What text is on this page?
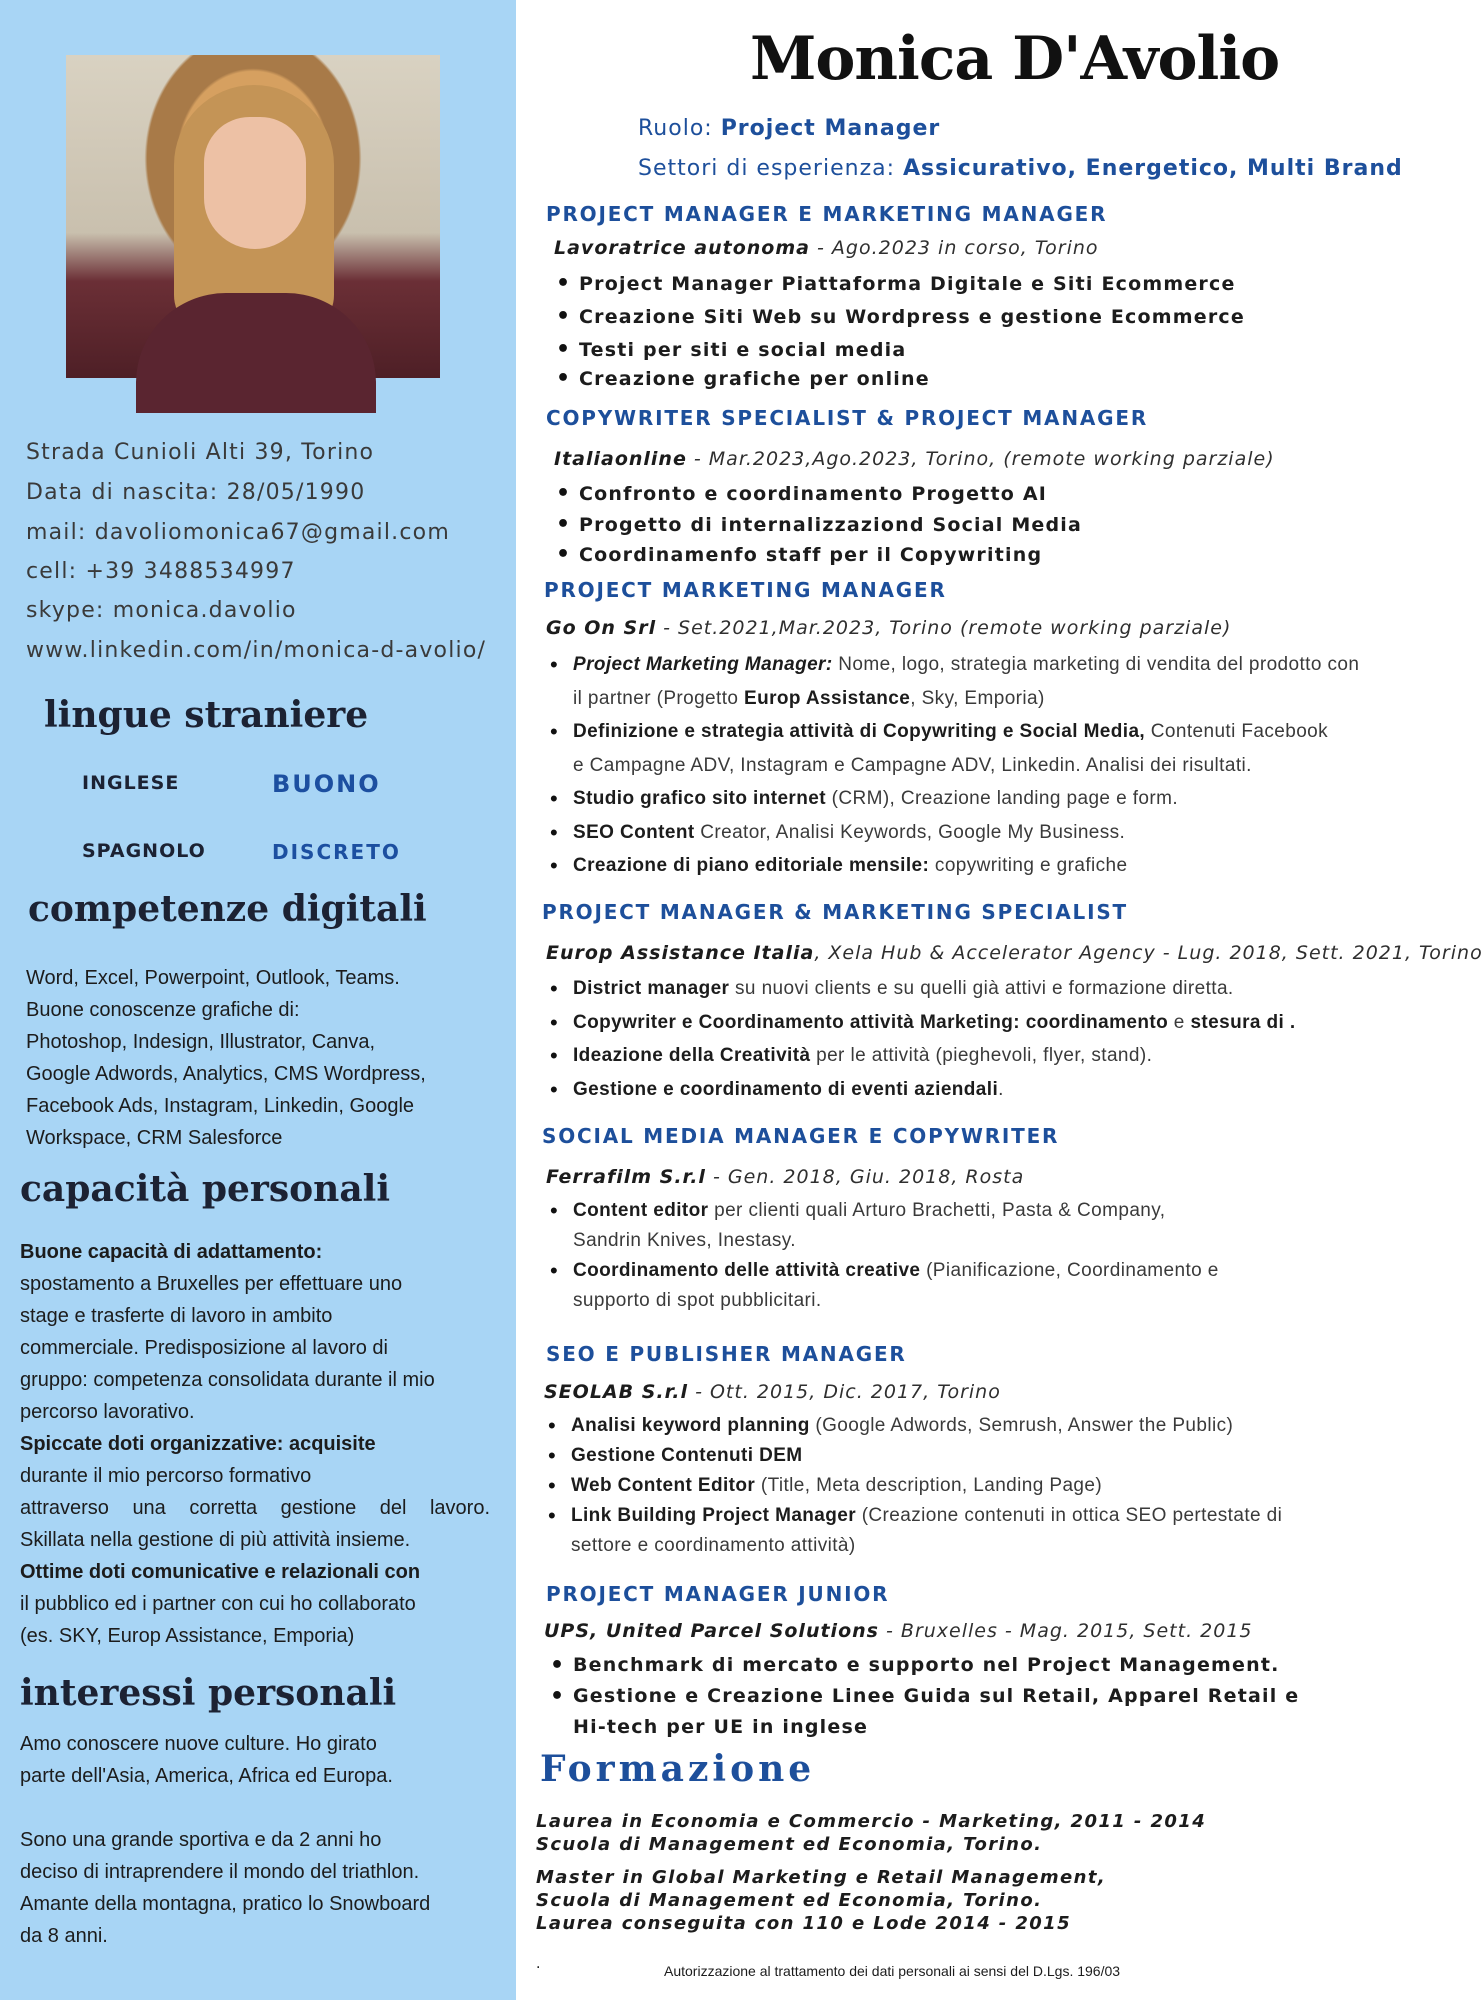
Strada Cunioli Alti 39, Torino
Data di nascita: 28/05/1990
mail: davoliomonica67@gmail.com
cell: +39 3488534997
skype: monica.davolio
www.linkedin.com/in/monica-d-avolio/
lingue straniere
INGLESE	BUONO
SPAGNOLO	DISCRETO
competenze digitali
Word, Excel, Powerpoint, Outlook, Teams.
Buone conoscenze grafiche di:
Photoshop, Indesign, Illustrator, Canva,
Google Adwords, Analytics, CMS Wordpress,
Facebook Ads, Instagram, Linkedin, Google
Workspace, CRM Salesforce
capacità personali
Buone capacità di adattamento:
spostamento a Bruxelles per effettuare uno
stage e trasferte di lavoro in ambito
commerciale. Predisposizione al lavoro di
gruppo: competenza consolidata durante il mio
percorso lavorativo.
Spiccate doti organizzative: acquisite
durante il mio percorso formativo
attraverso una corretta gestione del lavoro.
Skillata nella gestione di più attività insieme.
Ottime doti comunicative e relazionali con
il pubblico ed i partner con cui ho collaborato
(es. SKY, Europ Assistance, Emporia)
interessi personali
Amo conoscere nuove culture. Ho girato
parte dell'Asia, America, Africa ed Europa.
Sono una grande sportiva e da 2 anni ho
deciso di intraprendere il mondo del triathlon.
Amante della montagna, pratico lo Snowboard
da 8 anni.
Monica D'Avolio
Ruolo: Project Manager
Settori di esperienza: Assicurativo, Energetico, Multi Brand
PROJECT MANAGER E MARKETING MANAGER
Lavoratrice autonoma - Ago.2023 in corso, Torino
• Project Manager Piattaforma Digitale e Siti Ecommerce
• Creazione Siti Web su Wordpress e gestione Ecommerce
• Testi per siti e social media
• Creazione grafiche per online
COPYWRITER SPECIALIST & PROJECT MANAGER
Italiaonline - Mar.2023,Ago.2023, Torino, (remote working parziale)
• Confronto e coordinamento Progetto AI
• Progetto di internalizzaziond Social Media
• Coordinamenfo staff per il Copywriting
PROJECT MARKETING MANAGER
Go On Srl - Set.2021,Mar.2023, Torino (remote working parziale)
• Project Marketing Manager: Nome, logo, strategia marketing di vendita del prodotto con
il partner (Progetto Europ Assistance, Sky, Emporia)
• Definizione e strategia attività di Copywriting e Social Media, Contenuti Facebook
e Campagne ADV, Instagram e Campagne ADV, Linkedin. Analisi dei risultati.
• Studio grafico sito internet (CRM), Creazione landing page e form.
• SEO Content Creator, Analisi Keywords, Google My Business.
• Creazione di piano editoriale mensile: copywriting e grafiche
PROJECT MANAGER & MARKETING SPECIALIST
Europ Assistance Italia, Xela Hub & Accelerator Agency - Lug. 2018, Sett. 2021, Torino
• District manager su nuovi clients e su quelli già attivi e formazione diretta.
• Copywriter e Coordinamento attività Marketing: coordinamento e stesura di .
• Ideazione della Creatività per le attività (pieghevoli, flyer, stand).
• Gestione e coordinamento di eventi aziendali.
SOCIAL MEDIA MANAGER E COPYWRITER
Ferrafilm S.r.l - Gen. 2018, Giu. 2018, Rosta
• Content editor per clienti quali Arturo Brachetti, Pasta & Company,
Sandrin Knives, Inestasy.
• Coordinamento delle attività creative (Pianificazione, Coordinamento e
supporto di spot pubblicitari.
SEO E PUBLISHER MANAGER
SEOLAB S.r.l - Ott. 2015, Dic. 2017, Torino
• Analisi keyword planning (Google Adwords, Semrush, Answer the Public)
• Gestione Contenuti DEM
• Web Content Editor (Title, Meta description, Landing Page)
• Link Building Project Manager (Creazione contenuti in ottica SEO pertestate di
settore e coordinamento attività)
PROJECT MANAGER JUNIOR
UPS, United Parcel Solutions - Bruxelles - Mag. 2015, Sett. 2015
• Benchmark di mercato e supporto nel Project Management.
• Gestione e Creazione Linee Guida sul Retail, Apparel Retail e Hi-tech per UE in inglese
Formazione
Laurea in Economia e Commercio - Marketing, 2011 - 2014
Scuola di Management ed Economia, Torino.
Master in Global Marketing e Retail Management,
Scuola di Management ed Economia, Torino.
Laurea conseguita con 110 e Lode 2014 - 2015
.	Autorizzazione al trattamento dei dati personali ai sensi del D.Lgs. 196/03
